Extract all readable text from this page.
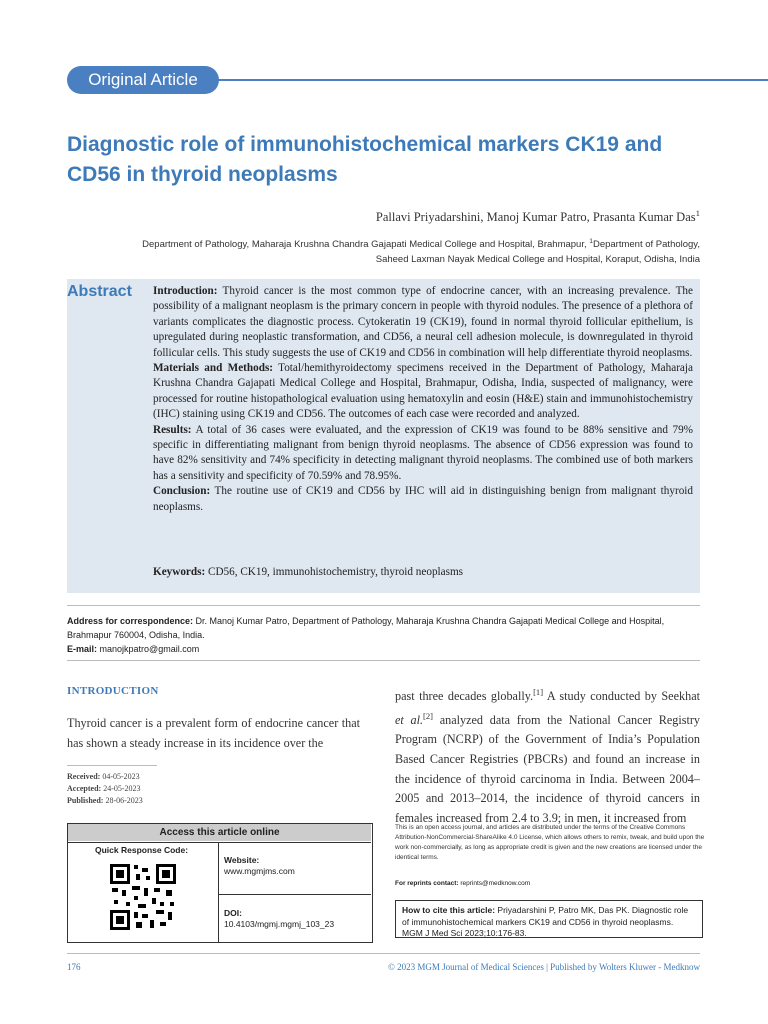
Original Article
Diagnostic role of immunohistochemical markers CK19 and CD56 in thyroid neoplasms
Pallavi Priyadarshini, Manoj Kumar Patro, Prasanta Kumar Das$^1$
Department of Pathology, Maharaja Krushna Chandra Gajapati Medical College and Hospital, Brahmapur, $^1$Department of Pathology,
Saheed Laxman Nayak Medical College and Hospital, Koraput, Odisha, India
Abstract Introduction: Thyroid cancer is the most common type of endocrine cancer, with an increasing prevalence. The possibility of a malignant neoplasm is the primary concern in people with thyroid nodules. The presence of a plethora of variants complicates the diagnostic process. Cytokeratin 19 (CK19), found in normal thyroid follicular epithelium, is upregulated during neoplastic transformation, and CD56, a neural cell adhesion molecule, is downregulated in thyroid follicular cells. This study suggests the use of CK19 and CD56 in combination will help differentiate thyroid neoplasms.

Materials and Methods: Total/hemithyroidectomy specimens received in the Department of Pathology, Maharaja Krushna Chandra Gajapati Medical College and Hospital, Brahmapur, Odisha, India, suspected of malignancy, were processed for routine histopathological evaluation using hematoxylin and eosin (H&E) stain and immunohistochemistry (IHC) staining using CK19 and CD56. The outcomes of each case were recorded and analyzed.

Results: A total of 36 cases were evaluated, and the expression of CK19 was found to be 88% sensitive and 79% specific in differentiating malignant from benign thyroid neoplasms. The absence of CD56 expression was found to have 82% sensitivity and 74% specificity in detecting malignant thyroid neoplasms. The combined use of both markers has a sensitivity and specificity of 70.59% and 78.95%.

Conclusion: The routine use of CK19 and CD56 by IHC will aid in distinguishing benign from malignant thyroid neoplasms.

Keywords: CD56, CK19, immunohistochemistry, thyroid neoplasms
Address for correspondence: Dr. Manoj Kumar Patro, Department of Pathology, Maharaja Krushna Chandra Gajapati Medical College and Hospital, Brahmapur 760004, Odisha, India.
E-mail: manojkpatro@gmail.com
INTRODUCTION
Thyroid cancer is a prevalent form of endocrine cancer that has shown a steady increase in its incidence over the
past three decades globally.[1] A study conducted by Seekhat et al.[2] analyzed data from the National Cancer Registry Program (NCRP) of the Government of India’s Population Based Cancer Registries (PBCRs) and found an increase in the incidence of thyroid carcinoma in India. Between 2004–2005 and 2013–2014, the incidence of thyroid cancers in females increased from 2.4 to 3.9; in men, it increased from
Received: 04-05-2023
Accepted: 24-05-2023
Published: 28-06-2023
Access this article online
Quick Response Code:
Website:
www.mgmjms.com
DOI:
10.4103/mgmj.mgmj_103_23
This is an open access journal, and articles are distributed under the terms of the Creative Commons Attribution-NonCommercial-ShareAlike 4.0 License, which allows others to remix, tweak, and build upon the work non-commercially, as long as appropriate credit is given and the new creations are licensed under the identical terms.
For reprints contact: reprints@medknow.com
How to cite this article: Priyadarshini P, Patro MK, Das PK. Diagnostic role of immunohistochemical markers CK19 and CD56 in thyroid neoplasms. MGM J Med Sci 2023;10:176-83.
176	© 2023 MGM Journal of Medical Sciences | Published by Wolters Kluwer - Medknow
